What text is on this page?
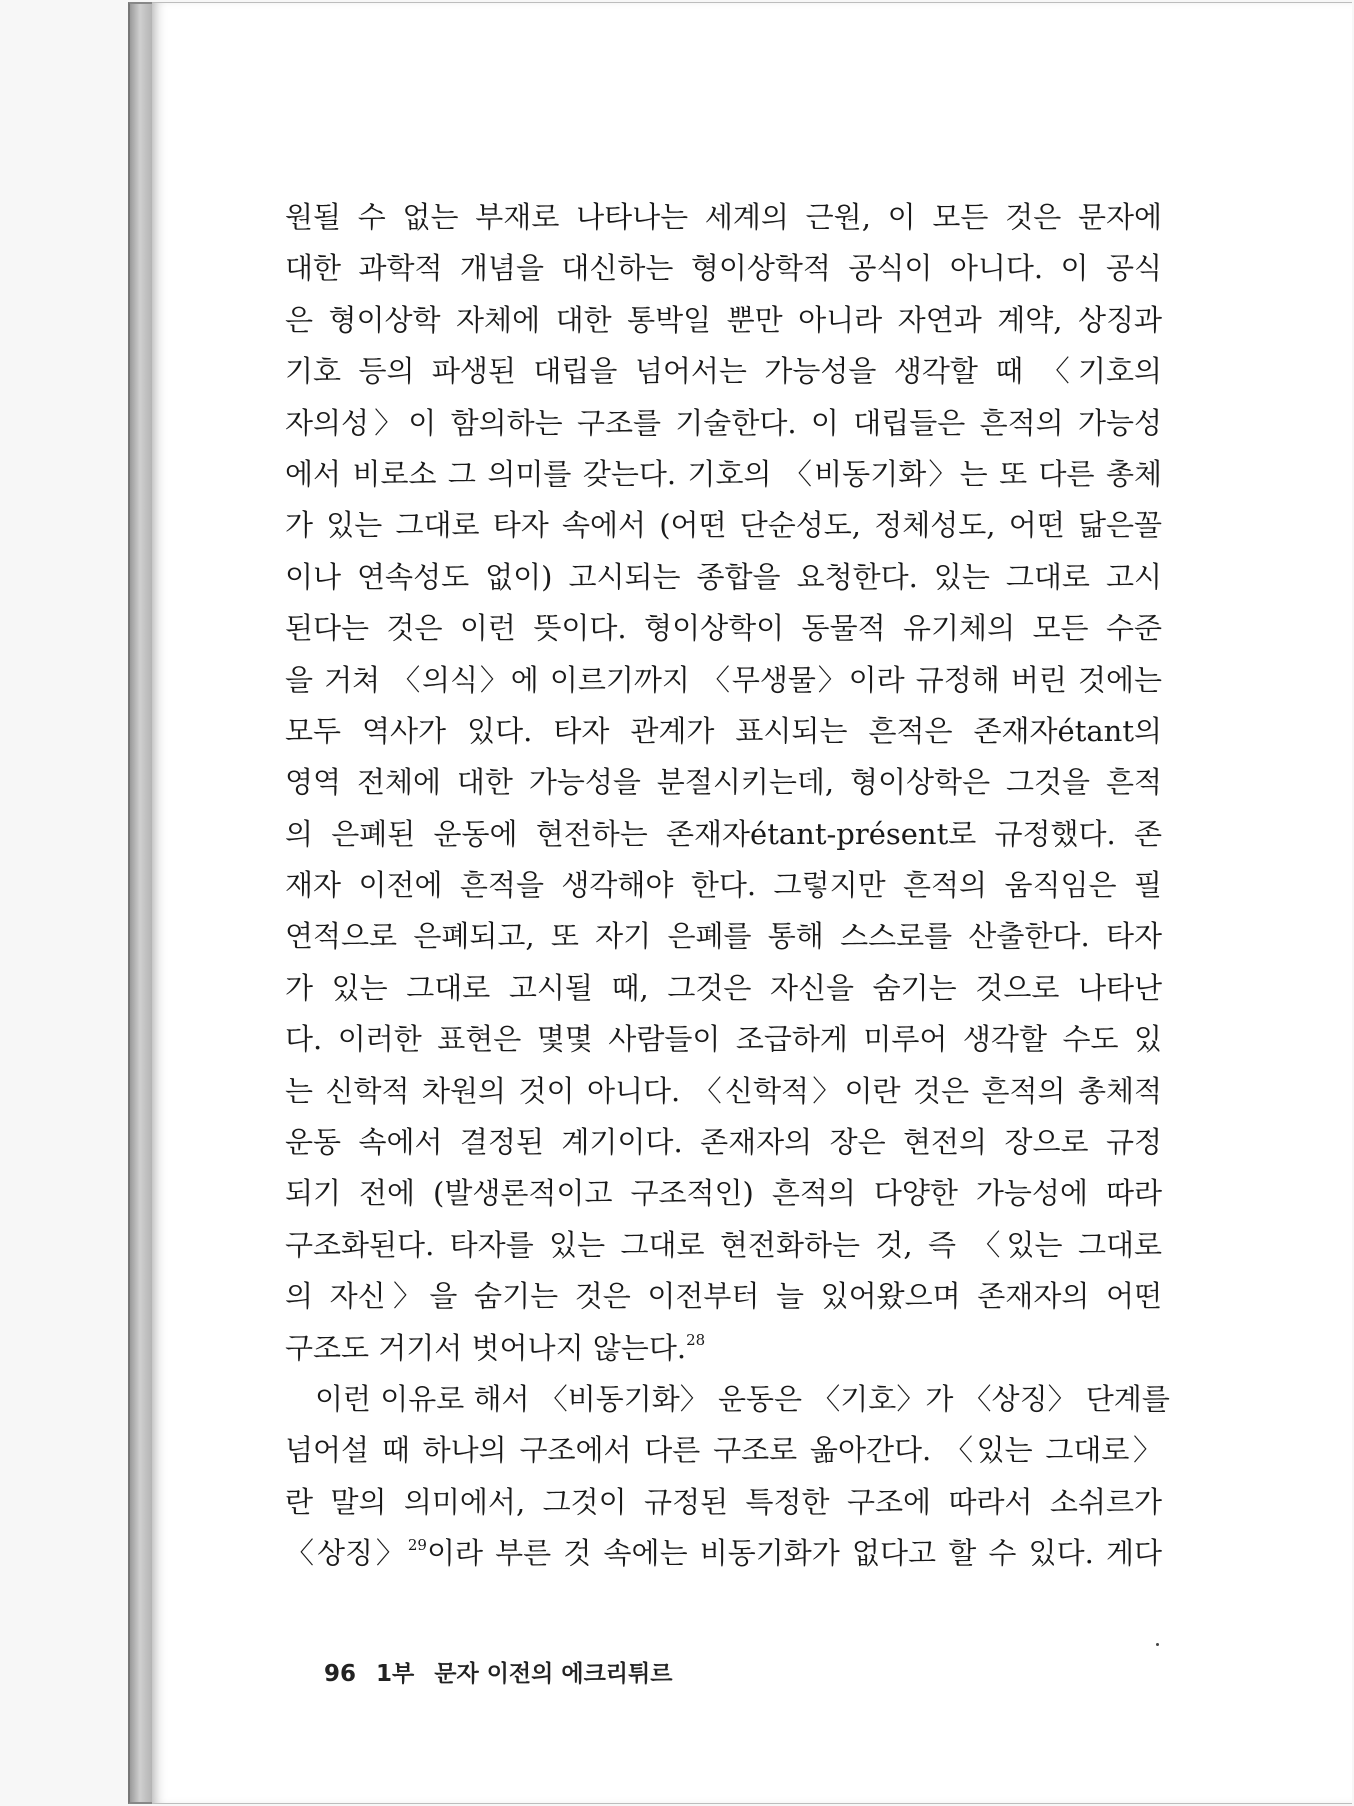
원될 수 없는 부재로 나타나는 세계의 근원, 이 모든 것은 문자에
대한 과학적 개념을 대신하는 형이상학적 공식이 아니다. 이 공식
은 형이상학 자체에 대한 통박일 뿐만 아니라 자연과 계약, 상징과
기호 등의 파생된 대립을 넘어서는 가능성을 생각할 때 〈기호의
자의성〉이 함의하는 구조를 기술한다. 이 대립들은 흔적의 가능성
에서 비로소 그 의미를 갖는다. 기호의 〈비동기화〉는 또 다른 총체
가 있는 그대로 타자 속에서 (어떤 단순성도, 정체성도, 어떤 닮은꼴
이나 연속성도 없이) 고시되는 종합을 요청한다. 있는 그대로 고시
된다는 것은 이런 뜻이다. 형이상학이 동물적 유기체의 모든 수준
을 거쳐 〈의식〉에 이르기까지 〈무생물〉이라 규정해 버린 것에는
모두 역사가 있다. 타자 관계가 표시되는 흔적은 존재자étant의
영역 전체에 대한 가능성을 분절시키는데, 형이상학은 그것을 흔적
의 은폐된 운동에 현전하는 존재자étant-présent로 규정했다. 존
재자 이전에 흔적을 생각해야 한다. 그렇지만 흔적의 움직임은 필
연적으로 은폐되고, 또 자기 은폐를 통해 스스로를 산출한다. 타자
가 있는 그대로 고시될 때, 그것은 자신을 숨기는 것으로 나타난
다. 이러한 표현은 몇몇 사람들이 조급하게 미루어 생각할 수도 있
는 신학적 차원의 것이 아니다. 〈신학적〉이란 것은 흔적의 총체적
운동 속에서 결정된 계기이다. 존재자의 장은 현전의 장으로 규정
되기 전에 (발생론적이고 구조적인) 흔적의 다양한 가능성에 따라
구조화된다. 타자를 있는 그대로 현전화하는 것, 즉 〈있는 그대로
의 자신〉을 숨기는 것은 이전부터 늘 있어왔으며 존재자의 어떤
구조도 거기서 벗어나지 않는다.$^{28}$
이런 이유로 해서 〈비동기화〉 운동은 〈기호〉가 〈상징〉 단계를
넘어설 때 하나의 구조에서 다른 구조로 옮아간다. 〈있는 그대로〉
란 말의 의미에서, 그것이 규정된 특정한 구조에 따라서 소쉬르가
〈상징〉$^{29}$이라 부른 것 속에는 비동기화가 없다고 할 수 있다. 게다
96 1부 문자 이전의 에크리튀르
